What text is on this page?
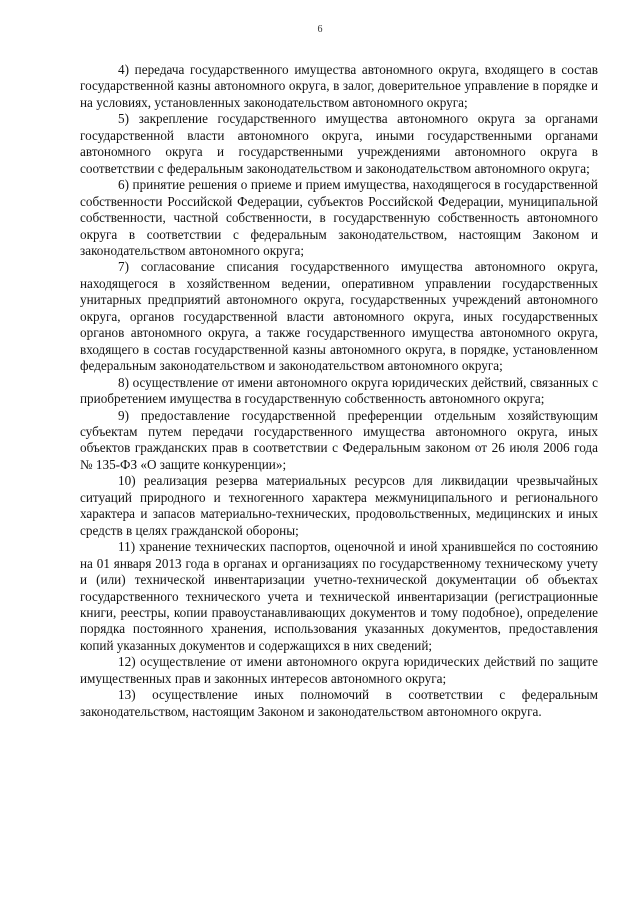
6

4) передача государственного имущества автономного округа, входящего в состав государственной казны автономного округа, в залог, доверительное управление в порядке и на условиях, установленных законодательством автономного округа;

5) закрепление государственного имущества автономного округа за органами государственной власти автономного округа, иными государственными органами автономного округа и государственными учреждениями автономного округа в соответствии с федеральным законодательством и законодательством автономного округа;

6) принятие решения о приеме и прием имущества, находящегося в государственной собственности Российской Федерации, субъектов Российской Федерации, муниципальной собственности, частной собственности, в государственную собственность автономного округа в соответствии с федеральным законодательством, настоящим Законом и законодательством автономного округа;

7) согласование списания государственного имущества автономного округа, находящегося в хозяйственном ведении, оперативном управлении государственных унитарных предприятий автономного округа, государственных учреждений автономного округа, органов государственной власти автономного округа, иных государственных органов автономного округа, а также государственного имущества автономного округа, входящего в состав государственной казны автономного округа, в порядке, установленном федеральным законодательством и законодательством автономного округа;

8) осуществление от имени автономного округа юридических действий, связанных с приобретением имущества в государственную собственность автономного округа;

9) предоставление государственной преференции отдельным хозяйствующим субъектам путем передачи государственного имущества автономного округа, иных объектов гражданских прав в соответствии с Федеральным законом от 26 июля 2006 года № 135-ФЗ «О защите конкуренции»;

10) реализация резерва материальных ресурсов для ликвидации чрезвычайных ситуаций природного и техногенного характера межмуниципального и регионального характера и запасов материально-технических, продовольственных, медицинских и иных средств в целях гражданской обороны;

11) хранение технических паспортов, оценочной и иной хранившейся по состоянию на 01 января 2013 года в органах и организациях по государственному техническому учету и (или) технической инвентаризации учетно-технической документации об объектах государственного технического учета и технической инвентаризации (регистрационные книги, реестры, копии правоустанавливающих документов и тому подобное), определение порядка постоянного хранения, использования указанных документов, предоставления копий указанных документов и содержащихся в них сведений;

12) осуществление от имени автономного округа юридических действий по защите имущественных прав и законных интересов автономного округа;

13) осуществление иных полномочий в соответствии с федеральным законодательством, настоящим Законом и законодательством автономного округа.
